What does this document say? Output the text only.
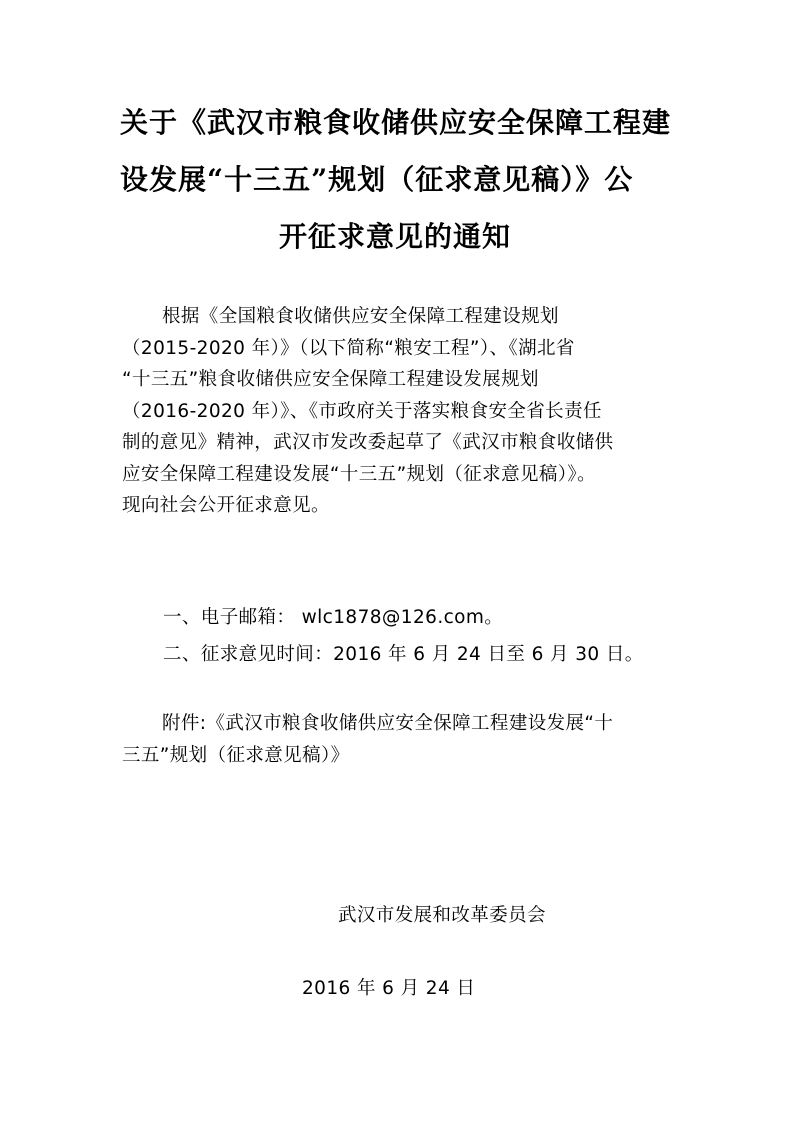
关于《武汉市粮食收储供应安全保障工程建
设发展“十三五”规划（征求意见稿）》公
开征求意见的通知
根据《全国粮食收储供应安全保障工程建设规划
（2015-2020 年）》（以下简称“粮安工程”）、《湖北省
“十三五”粮食收储供应安全保障工程建设发展规划
（2016-2020 年）》、《市政府关于落实粮食安全省长责任
制的意见》精神，武汉市发改委起草了《武汉市粮食收储供
应安全保障工程建设发展“十三五”规划（征求意见稿）》。
现向社会公开征求意见。
一、电子邮箱： wlc1878@126.com。
二、征求意见时间：2016 年 6 月 24 日至 6 月 30 日。
附件:《武汉市粮食收储供应安全保障工程建设发展“十
三五”规划（征求意见稿）》
武汉市发展和改革委员会
2016 年 6 月 24 日
